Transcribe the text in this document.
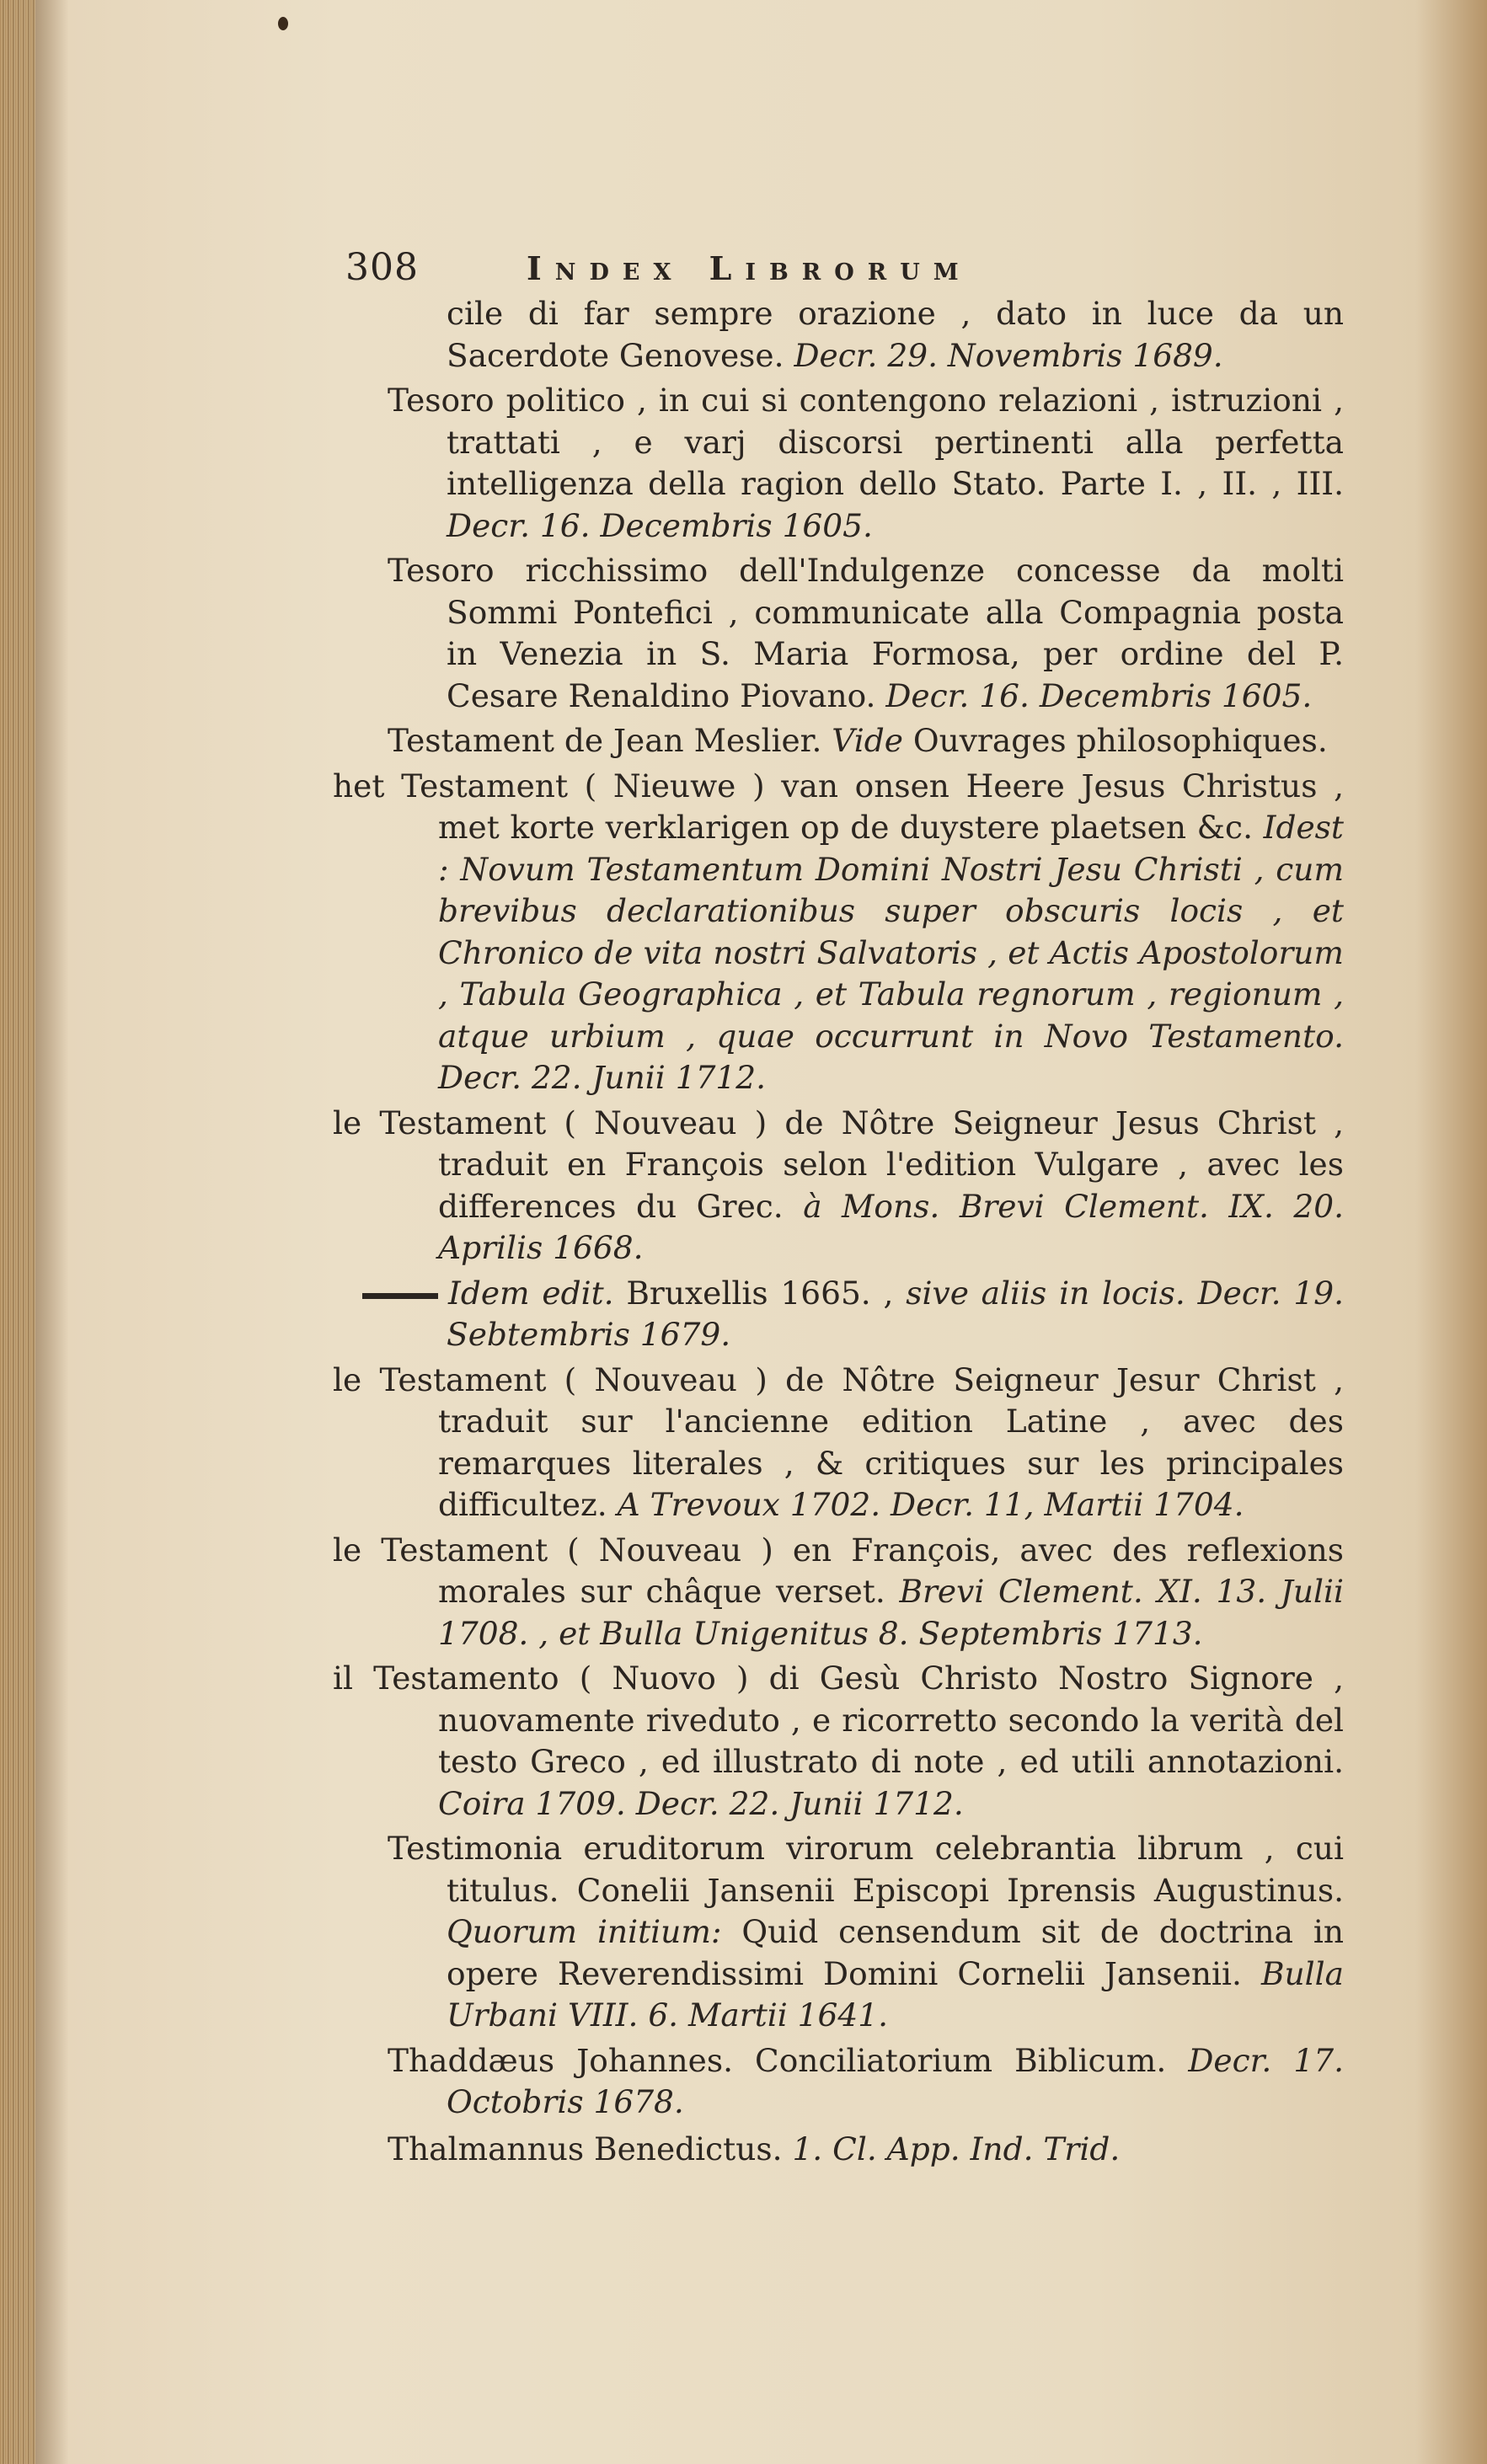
308	Index Librorum

cile di far sempre orazione , dato in luce da un Sacerdote Genovese. Decr. 29. Novembris 1689.

Tesoro politico , in cui si contengono relazioni , istruzioni , trattati , e varj discorsi pertinenti alla perfetta intelligenza della ragion dello Stato. Parte I. , II. , III. Decr. 16. Decembris 1605.

Tesoro ricchissimo dell'Indulgenze concesse da molti Sommi Pontefici , communicate alla Compagnia posta in Venezia in S. Maria Formosa, per ordine del P. Cesare Renaldino Piovano. Decr. 16. Decembris 1605.

Testament de Jean Meslier. Vide Ouvrages philosophiques.

het Testament ( Nieuwe ) van onsen Heere Jesus Christus , met korte verklarigen op de duystere plaetsen &c. Idest : Novum Testamentum Domini Nostri Jesu Christi , cum brevibus declarationibus super obscuris locis , et Chronico de vita nostri Salvatoris , et Actis Apostolorum , Tabula Geographica , et Tabula regnorum , regionum , atque urbium , quae occurrunt in Novo Testamento. Decr. 22. Junii 1712.

le Testament ( Nouveau ) de Nôtre Seigneur Jesus Christ , traduit en François selon l'edition Vulgare , avec les differences du Grec. à Mons. Brevi Clement. IX. 20. Aprilis 1668.

Idem edit. Bruxellis 1665. , sive aliis in locis. Decr. 19. Sebtembris 1679.

le Testament ( Nouveau ) de Nôtre Seigneur Jesur Christ , traduit sur l'ancienne edition Latine , avec des remarques literales , & critiques sur les principales difficultez. A Trevoux 1702. Decr. 11, Martii 1704.

le Testament ( Nouveau ) en François, avec des reflexions morales sur châque verset. Brevi Clement. XI. 13. Julii 1708. , et Bulla Unigenitus 8. Septembris 1713.

il Testamento ( Nuovo ) di Gesù Christo Nostro Signore , nuovamente riveduto , e ricorretto secondo la verità del testo Greco , ed illustrato di note , ed utili annotazioni. Coira 1709. Decr. 22. Junii 1712.

Testimonia eruditorum virorum celebrantia librum , cui titulus. Conelii Jansenii Episcopi Iprensis Augustinus. Quorum initium: Quid censendum sit de doctrina in opere Reverendissimi Domini Cornelii Jansenii. Bulla Urbani VIII. 6. Martii 1641.

Thaddæus Johannes. Conciliatorium Biblicum. Decr. 17. Octobris 1678.

Thalmannus Benedictus. 1. Cl. App. Ind. Trid.
